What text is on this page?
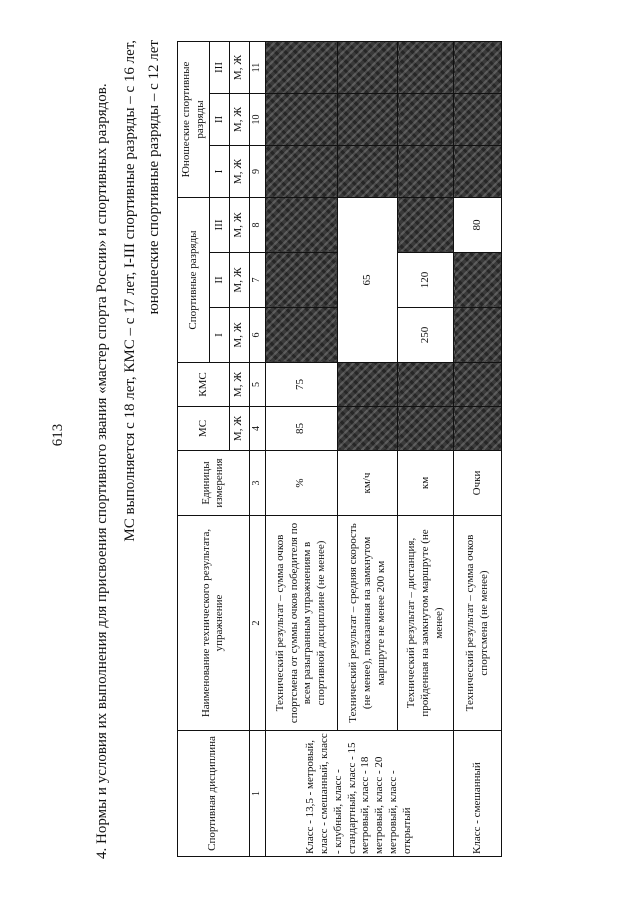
613 4. Нормы и условия их выполнения для присвоения спортивного звания «мастер спорта России» и спортивных разрядов. МС выполняется с 18 лет, КМС – с 17 лет, I-III спортивные разряды – с 16 лет, юношеские спортивные разряды – с 12 лет
Спортивная дисциплина	Наименование технического результата, упражнение	Единицы измерения	МС	КМС	Спортивные разряды			Юношеские спортивные разряды		
					I	II	III	I	II	III
			М, Ж	М, Ж	М, Ж	М, Ж	М, Ж	М, Ж	М, Ж	М, Ж
1	2	3	4	5	6	7	8	9	10	11
Класс - 13,5 - метровый, класс - смешанный, класс - клубный, класс - стандартный, класс - 15 метровый, класс - 18 метровый, класс - 20 метровый, класс - открытый	Технический результат – сумма очков спортсмена от суммы очков победителя по всем разыгранным упражнениям в спортивной дисциплине (не менее)	%	85	75						
	Технический результат – средняя скорость (не менее), показанная на замкнутом маршруте не менее 200 км	км/ч			65					
	Технический результат – дистанция, пройденная на замкнутом маршруте (не менее)	км			250	120				
Класс - смешанный	Технический результат – сумма очков спортсмена (не менее)	Очки					80			
